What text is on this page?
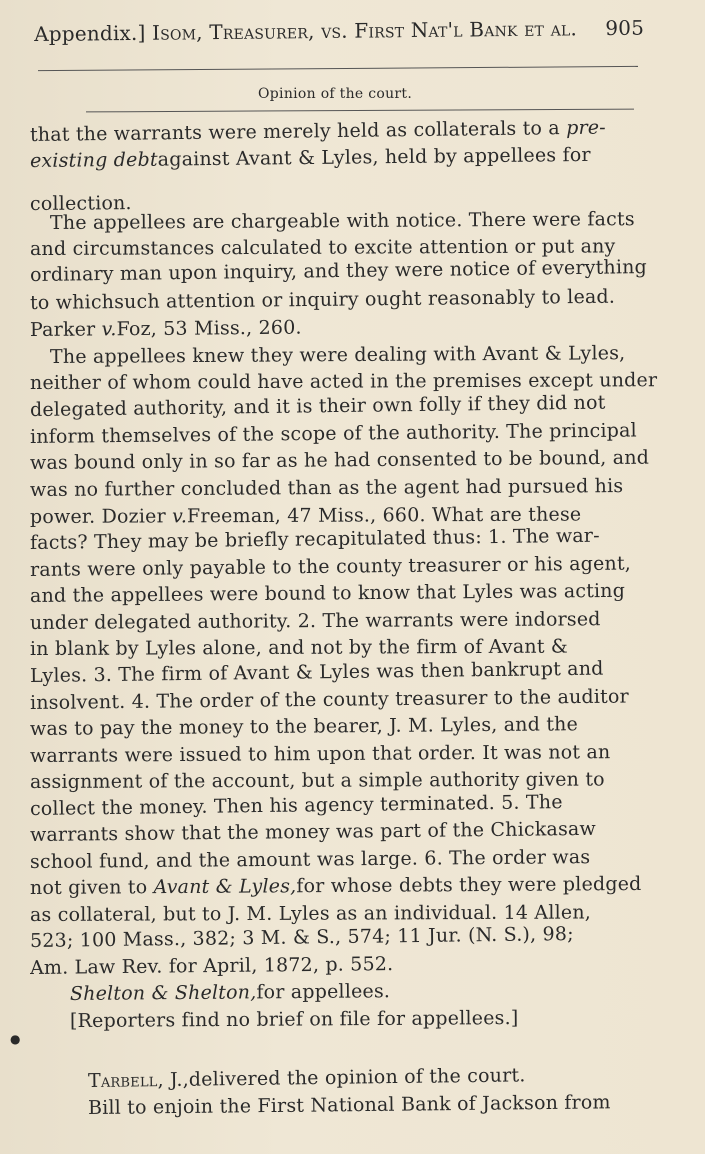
Appendix.] Isom, Treasurer, vs. First Nat'l Bank et al. 905
Opinion of the court.
that the warrants were merely held as collaterals to a pre-
existing debtagainst Avant & Lyles, held by appellees for
collection.
The appellees are chargeable with notice. There were facts
and circumstances calculated to excite attention or put any
ordinary man upon inquiry, and they were notice of everything
to whichsuch attention or inquiry ought reasonably to lead.
Parker v.Foz, 53 Miss., 260.
The appellees knew they were dealing with Avant & Lyles,
neither of whom could have acted in the premises except under
delegated authority, and it is their own folly if they did not
inform themselves of the scope of the authority. The principal
was bound only in so far as he had consented to be bound, and
was no further concluded than as the agent had pursued his
power. Dozier v.Freeman, 47 Miss., 660. What are these
facts? They may be briefly recapitulated thus: 1. The war-
rants were only payable to the county treasurer or his agent,
and the appellees were bound to know that Lyles was acting
under delegated authority. 2. The warrants were indorsed
in blank by Lyles alone, and not by the firm of Avant &
Lyles. 3. The firm of Avant & Lyles was then bankrupt and
insolvent. 4. The order of the county treasurer to the auditor
was to pay the money to the bearer, J. M. Lyles, and the
warrants were issued to him upon that order. It was not an
assignment of the account, but a simple authority given to
collect the money. Then his agency terminated. 5. The
warrants show that the money was part of the Chickasaw
school fund, and the amount was large. 6. The order was
not given to Avant & Lyles,for whose debts they were pledged
as collateral, but to J. M. Lyles as an individual. 14 Allen,
523; 100 Mass., 382; 3 M. & S., 574; 11 Jur. (N. S.), 98;
Am. Law Rev. for April, 1872, p. 552.
Shelton & Shelton,for appellees.
[Reporters find no brief on file for appellees.]
Tarbell, J.,delivered the opinion of the court.
Bill to enjoin the First National Bank of Jackson from
●
